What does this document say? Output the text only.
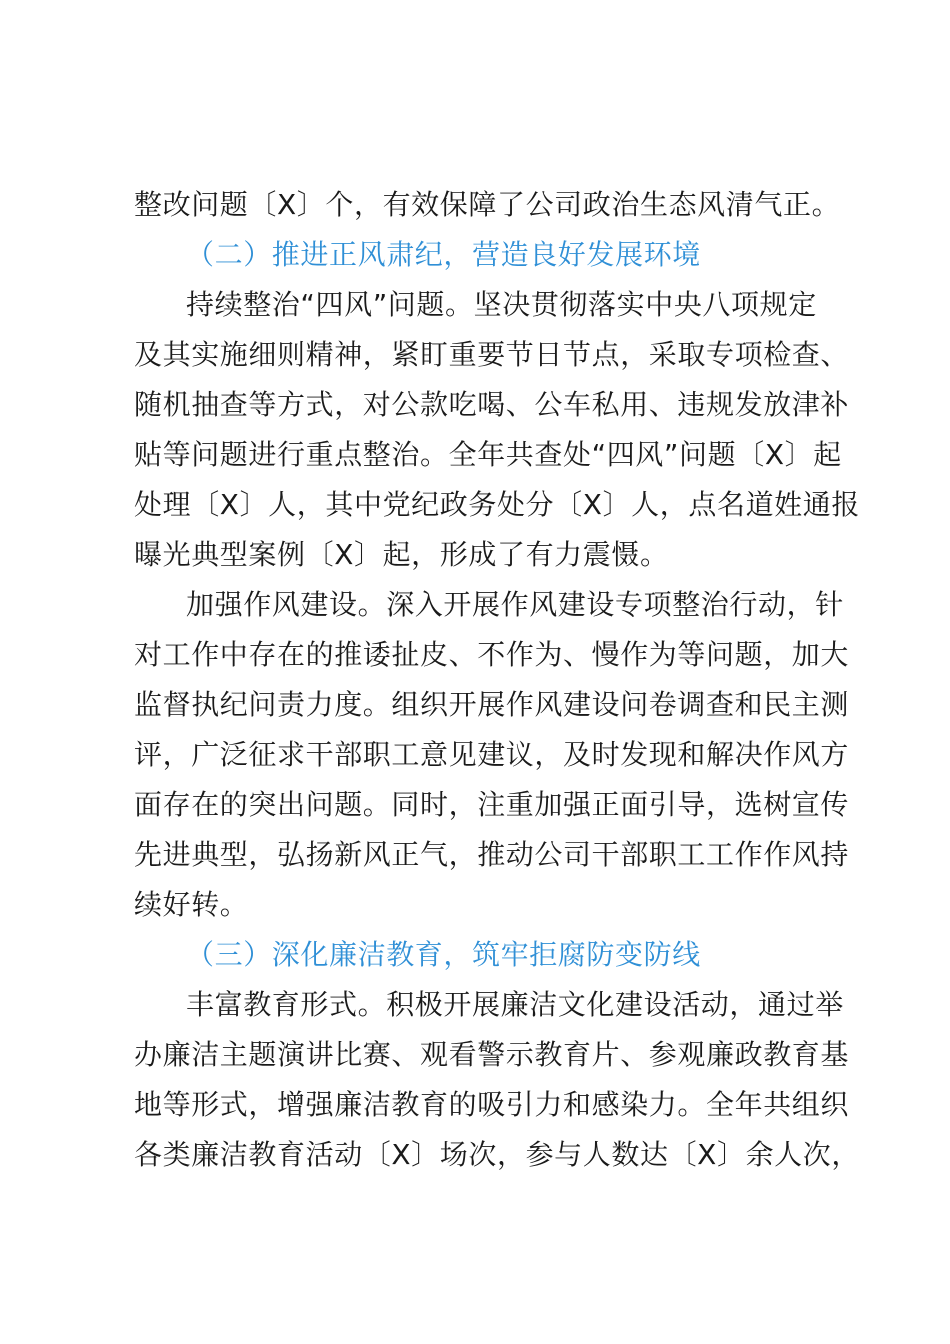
整改问题〔X〕个，有效保障了公司政治生态风清气正。
（二）推进正风肃纪，营造良好发展环境
持续整治“四风”问题。坚决贯彻落实中央八项规定
及其实施细则精神，紧盯重要节日节点，采取专项检查、
随机抽查等方式，对公款吃喝、公车私用、违规发放津补
贴等问题进行重点整治。全年共查处“四风”问题〔X〕起
处理〔X〕人，其中党纪政务处分〔X〕人，点名道姓通报
曝光典型案例〔X〕起，形成了有力震慑。
加强作风建设。深入开展作风建设专项整治行动，针
对工作中存在的推诿扯皮、不作为、慢作为等问题，加大
监督执纪问责力度。组织开展作风建设问卷调查和民主测
评，广泛征求干部职工意见建议，及时发现和解决作风方
面存在的突出问题。同时，注重加强正面引导，选树宣传
先进典型，弘扬新风正气，推动公司干部职工工作作风持
续好转。
（三）深化廉洁教育，筑牢拒腐防变防线
丰富教育形式。积极开展廉洁文化建设活动，通过举
办廉洁主题演讲比赛、观看警示教育片、参观廉政教育基
地等形式，增强廉洁教育的吸引力和感染力。全年共组织
各类廉洁教育活动〔X〕场次，参与人数达〔X〕余人次，
